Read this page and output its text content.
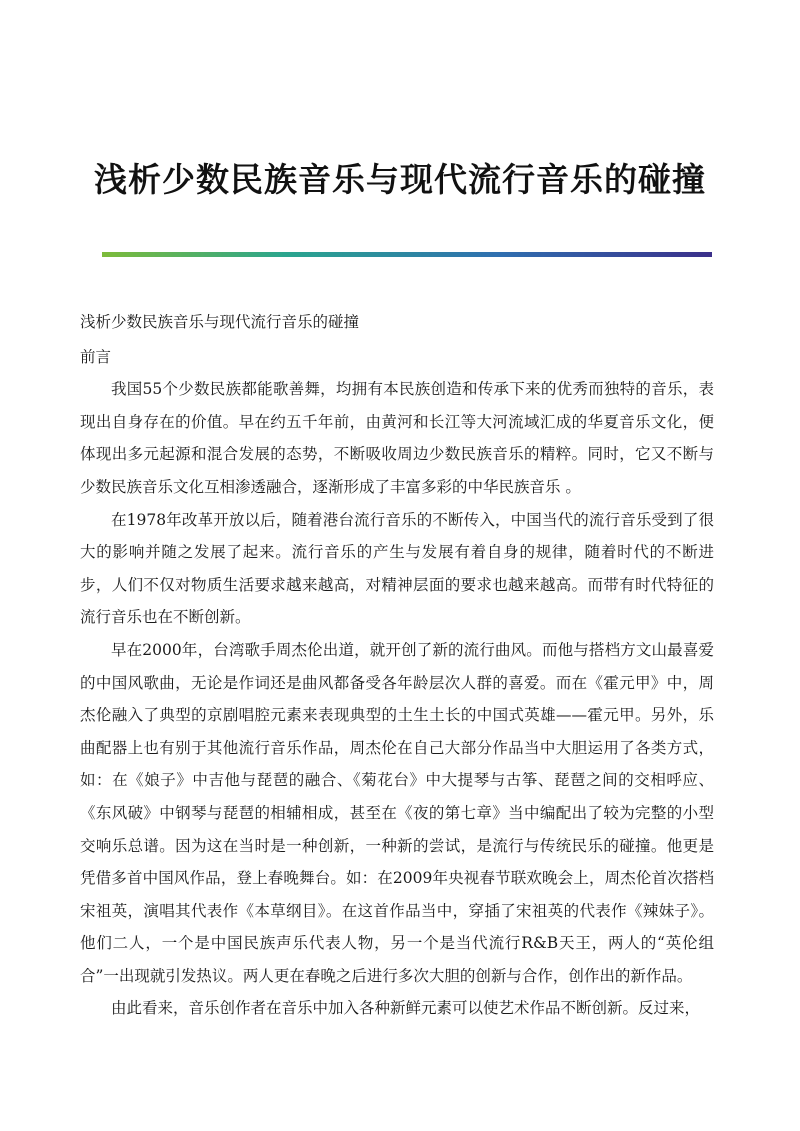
浅析少数民族音乐与现代流行音乐的碰撞

浅析少数民族音乐与现代流行音乐的碰撞

前言

我国55个少数民族都能歌善舞，均拥有本民族创造和传承下来的优秀而独特的音乐，表现出自身存在的价值。早在约五千年前，由黄河和长江等大河流域汇成的华夏音乐文化，便体现出多元起源和混合发展的态势，不断吸收周边少数民族音乐的精粹。同时，它又不断与少数民族音乐文化互相渗透融合，逐渐形成了丰富多彩的中华民族音乐 。

在1978年改革开放以后，随着港台流行音乐的不断传入，中国当代的流行音乐受到了很大的影响并随之发展了起来。流行音乐的产生与发展有着自身的规律，随着时代的不断进步，人们不仅对物质生活要求越来越高，对精神层面的要求也越来越高。而带有时代特征的流行音乐也在不断创新。

早在2000年，台湾歌手周杰伦出道，就开创了新的流行曲风。而他与搭档方文山最喜爱的中国风歌曲，无论是作词还是曲风都备受各年龄层次人群的喜爱。而在《霍元甲》中，周杰伦融入了典型的京剧唱腔元素来表现典型的土生土长的中国式英雄——霍元甲。另外，乐曲配器上也有别于其他流行音乐作品，周杰伦在自己大部分作品当中大胆运用了各类方式，如：在《娘子》中吉他与琵琶的融合、《菊花台》中大提琴与古筝、琵琶之间的交相呼应、《东风破》中钢琴与琵琶的相辅相成，甚至在《夜的第七章》当中编配出了较为完整的小型交响乐总谱。因为这在当时是一种创新，一种新的尝试，是流行与传统民乐的碰撞。他更是凭借多首中国风作品，登上春晚舞台。如：在2009年央视春节联欢晚会上，周杰伦首次搭档宋祖英，演唱其代表作《本草纲目》。在这首作品当中，穿插了宋祖英的代表作《辣妹子》。他们二人，一个是中国民族声乐代表人物，另一个是当代流行R&B天王，两人的“英伦组合”一出现就引发热议。两人更在春晚之后进行多次大胆的创新与合作，创作出的新作品。

由此看来，音乐创作者在音乐中加入各种新鲜元素可以使艺术作品不断创新。反过来，
